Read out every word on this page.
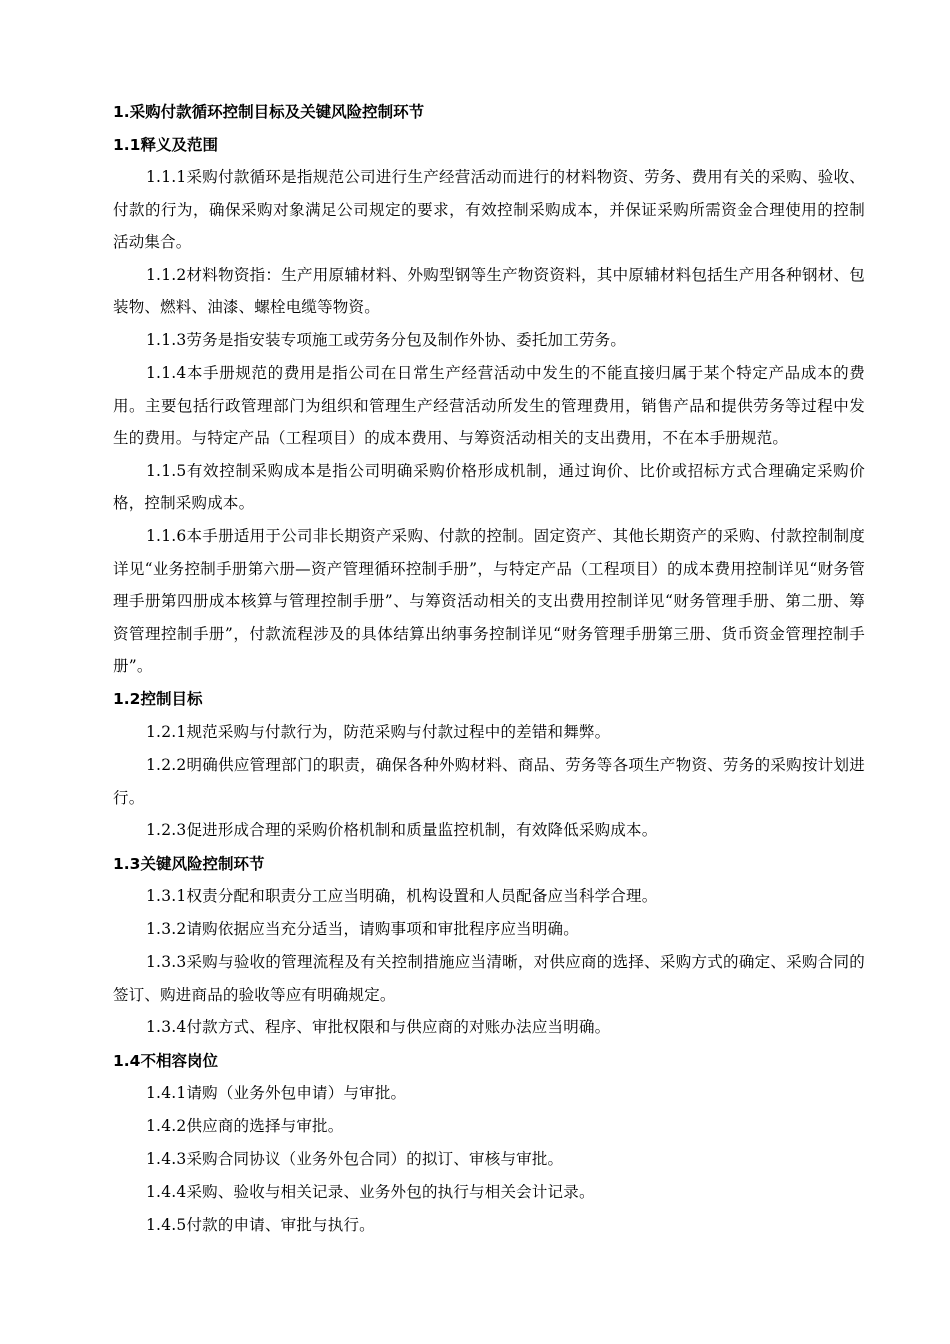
1.采购付款循环控制目标及关键风险控制环节
1.1释义及范围

1.1.1采购付款循环是指规范公司进行生产经营活动而进行的材料物资、劳务、费用有关的采购、验收、付款的行为，确保采购对象满足公司规定的要求，有效控制采购成本，并保证采购所需资金合理使用的控制活动集合。

1.1.2材料物资指：生产用原辅材料、外购型钢等生产物资资料，其中原辅材料包括生产用各种钢材、包装物、燃料、油漆、螺栓电缆等物资。

1.1.3劳务是指安装专项施工或劳务分包及制作外协、委托加工劳务。

1.1.4本手册规范的费用是指公司在日常生产经营活动中发生的不能直接归属于某个特定产品成本的费用。主要包括行政管理部门为组织和管理生产经营活动所发生的管理费用，销售产品和提供劳务等过程中发生的费用。与特定产品（工程项目）的成本费用、与筹资活动相关的支出费用，不在本手册规范。

1.1.5有效控制采购成本是指公司明确采购价格形成机制，通过询价、比价或招标方式合理确定采购价格，控制采购成本。

1.1.6本手册适用于公司非长期资产采购、付款的控制。固定资产、其他长期资产的采购、付款控制制度详见“业务控制手册第六册—资产管理循环控制手册”，与特定产品（工程项目）的成本费用控制详见“财务管理手册第四册成本核算与管理控制手册”、与筹资活动相关的支出费用控制详见“财务管理手册、第二册、筹资管理控制手册”，付款流程涉及的具体结算出纳事务控制详见“财务管理手册第三册、货币资金管理控制手册”。

1.2控制目标

1.2.1规范采购与付款行为，防范采购与付款过程中的差错和舞弊。

1.2.2明确供应管理部门的职责，确保各种外购材料、商品、劳务等各项生产物资、劳务的采购按计划进行。

1.2.3促进形成合理的采购价格机制和质量监控机制，有效降低采购成本。

1.3关键风险控制环节

1.3.1权责分配和职责分工应当明确，机构设置和人员配备应当科学合理。

1.3.2请购依据应当充分适当，请购事项和审批程序应当明确。

1.3.3采购与验收的管理流程及有关控制措施应当清晰，对供应商的选择、采购方式的确定、采购合同的签订、购进商品的验收等应有明确规定。

1.3.4付款方式、程序、审批权限和与供应商的对账办法应当明确。

1.4不相容岗位

1.4.1请购（业务外包申请）与审批。

1.4.2供应商的选择与审批。

1.4.3采购合同协议（业务外包合同）的拟订、审核与审批。

1.4.4采购、验收与相关记录、业务外包的执行与相关会计记录。

1.4.5付款的申请、审批与执行。
